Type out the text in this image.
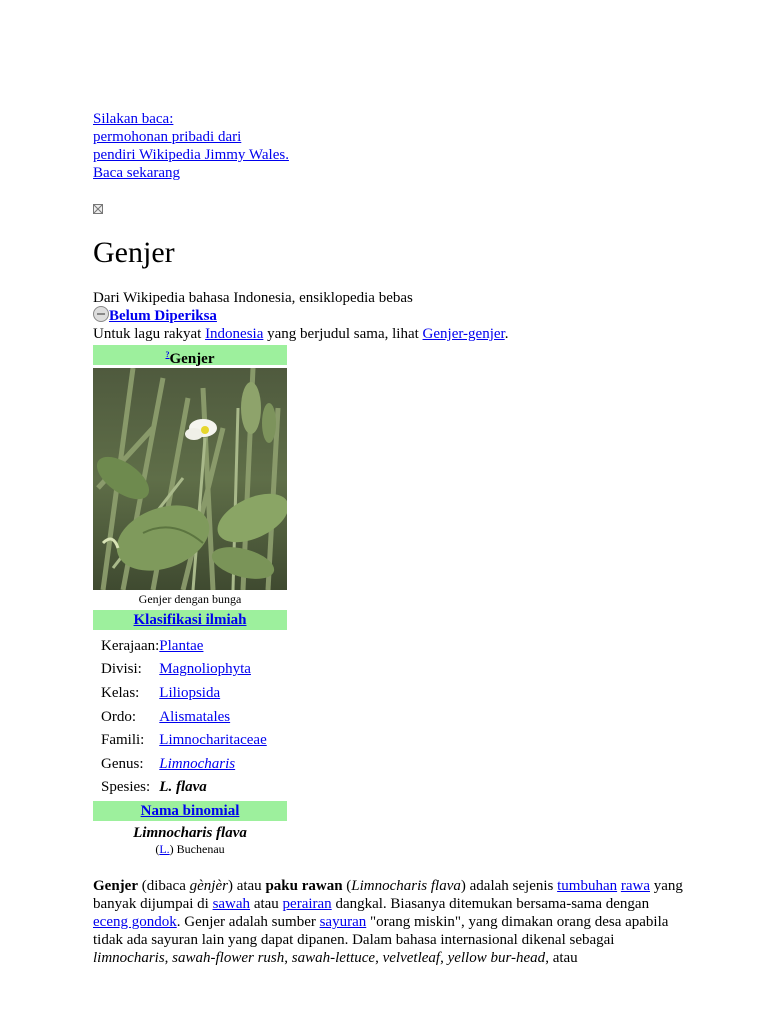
Silakan baca:
permohonan pribadi dari
pendiri Wikipedia Jimmy Wales.
Baca sekarang
Genjer
Dari Wikipedia bahasa Indonesia, ensiklopedia bebas
Belum Diperiksa
Untuk lagu rakyat Indonesia yang berjudul sama, lihat Genjer-genjer.
?Genjer
Genjer dengan bunga
Klasifikasi ilmiah
Kerajaan:	Plantae
Divisi:	Magnoliophyta
Kelas:	Liliopsida
Ordo:	Alismatales
Famili:	Limnocharitaceae
Genus:	Limnocharis
Spesies:	L. flava
Nama binomial
Limnocharis flava
(L.) Buchenau
Genjer (dibaca gènjèr) atau paku rawan (Limnocharis flava) adalah sejenis tumbuhan rawa yang banyak dijumpai di sawah atau perairan dangkal. Biasanya ditemukan bersama-sama dengan eceng gondok. Genjer adalah sumber sayuran "orang miskin", yang dimakan orang desa apabila tidak ada sayuran lain yang dapat dipanen. Dalam bahasa internasional dikenal sebagai limnocharis, sawah-flower rush, sawah-lettuce, velvetleaf, yellow bur-head, atau
